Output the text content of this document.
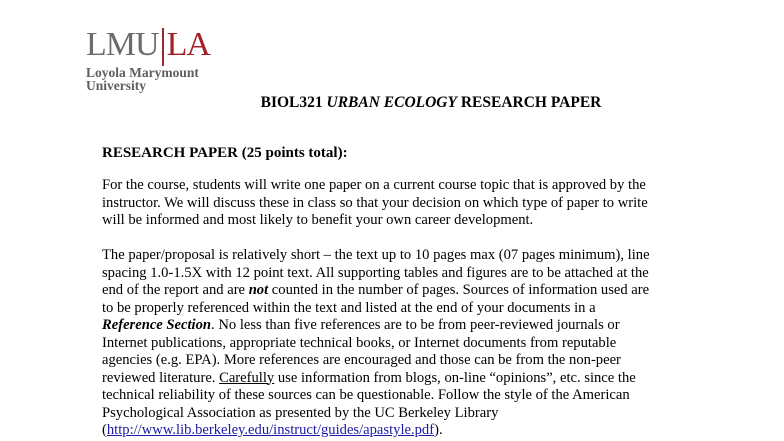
LMU LA
Loyola Marymount
University
BIOL321 URBAN ECOLOGY RESEARCH PAPER
RESEARCH PAPER (25 points total):
For the course, students will write one paper on a current course topic that is approved by the
instructor. We will discuss these in class so that your decision on which type of paper to write
will be informed and most likely to benefit your own career development.
The paper/proposal is relatively short – the text up to 10 pages max (07 pages minimum), line
spacing 1.0-1.5X with 12 point text. All supporting tables and figures are to be attached at the
end of the report and are not counted in the number of pages. Sources of information used are
to be properly referenced within the text and listed at the end of your documents in a
Reference Section. No less than five references are to be from peer-reviewed journals or
Internet publications, appropriate technical books, or Internet documents from reputable
agencies (e.g. EPA). More references are encouraged and those can be from the non-peer
reviewed literature. Carefully use information from blogs, on-line “opinions”, etc. since the
technical reliability of these sources can be questionable. Follow the style of the American
Psychological Association as presented by the UC Berkeley Library
(http://www.lib.berkeley.edu/instruct/guides/apastyle.pdf).
